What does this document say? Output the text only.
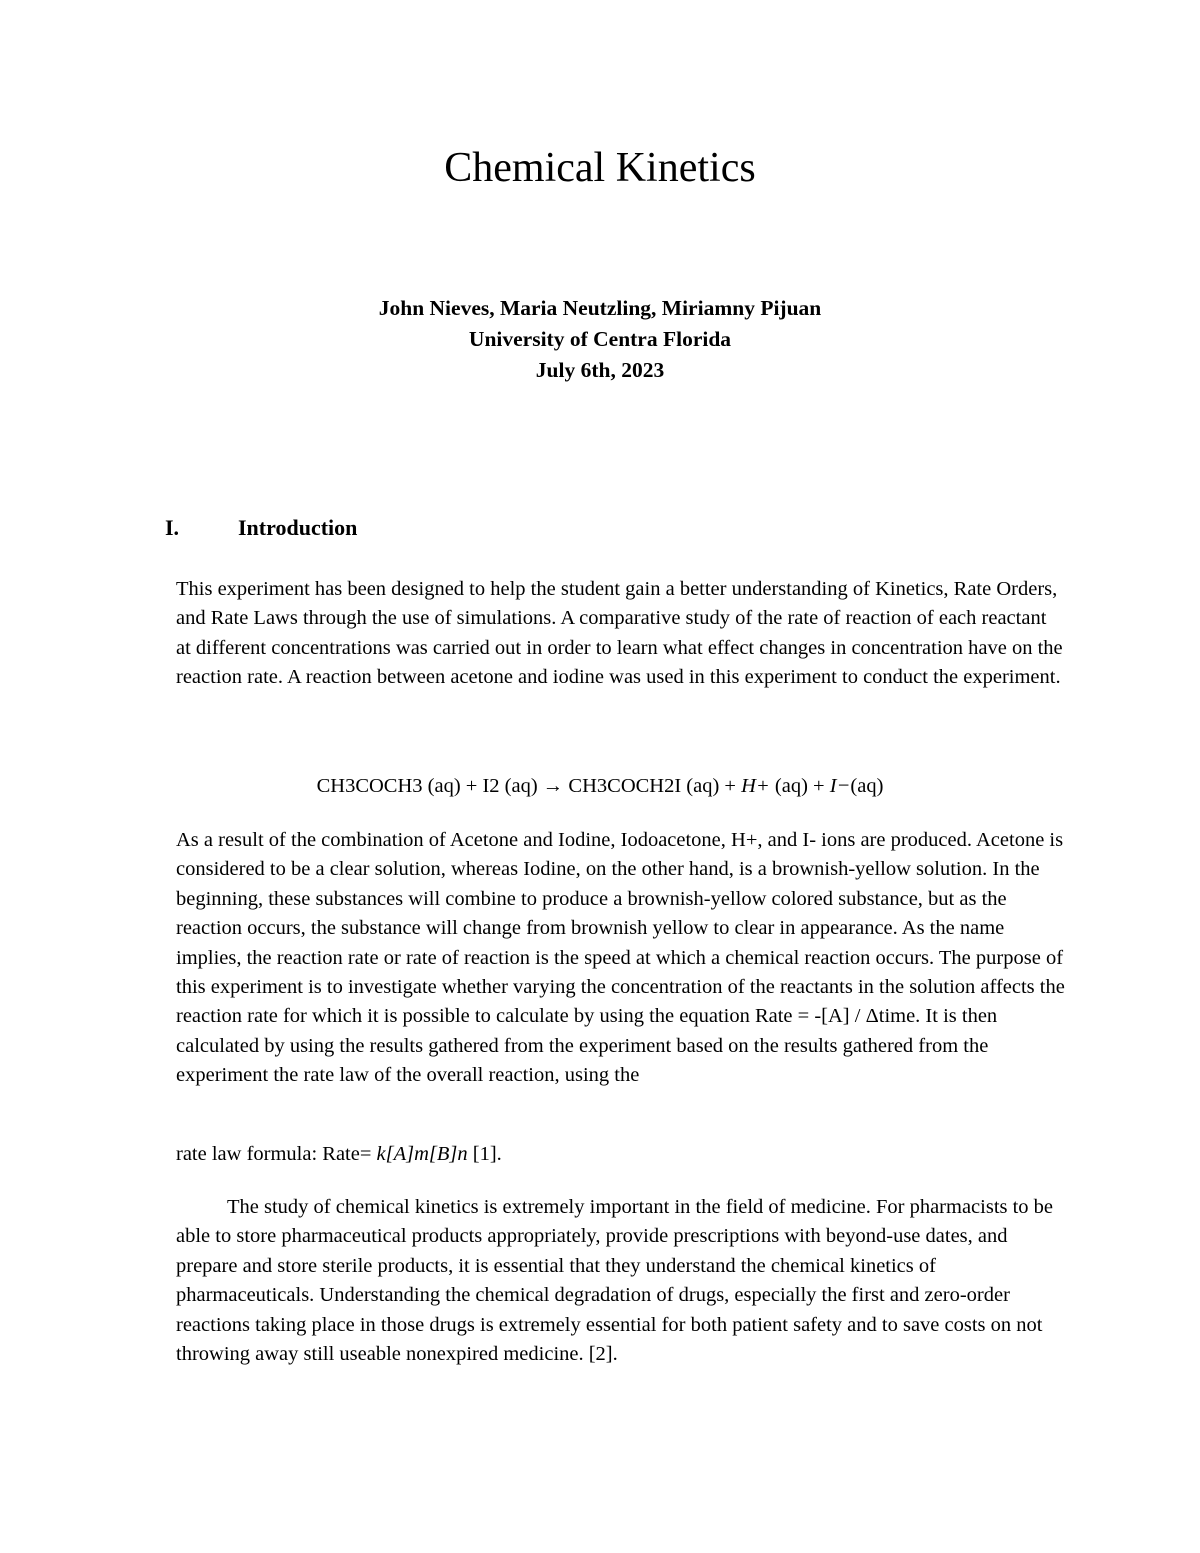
Chemical Kinetics
John Nieves, Maria Neutzling, Miriamny Pijuan
University of Centra Florida
July 6th, 2023
I.	Introduction

This experiment has been designed to help the student gain a better understanding of Kinetics, Rate Orders, and Rate Laws through the use of simulations. A comparative study of the rate of reaction of each reactant at different concentrations was carried out in order to learn what effect changes in concentration have on the reaction rate. A reaction between acetone and iodine was used in this experiment to conduct the experiment.

CH3COCH3 (aq) + I2 (aq) → CH3COCH2I (aq) + H+ (aq) + I−(aq)

As a result of the combination of Acetone and Iodine, Iodoacetone, H+, and I- ions are produced. Acetone is considered to be a clear solution, whereas Iodine, on the other hand, is a brownish-yellow solution. In the beginning, these substances will combine to produce a brownish-yellow colored substance, but as the reaction occurs, the substance will change from brownish yellow to clear in appearance. As the name implies, the reaction rate or rate of reaction is the speed at which a chemical reaction occurs. The purpose of this experiment is to investigate whether varying the concentration of the reactants in the solution affects the reaction rate for which it is possible to calculate by using the equation Rate = -[A] / Δtime. It is then calculated by using the results gathered from the experiment based on the results gathered from the experiment the rate law of the overall reaction, using the

rate law formula: Rate= k[A]m[B]n [1].

The study of chemical kinetics is extremely important in the field of medicine. For pharmacists to be able to store pharmaceutical products appropriately, provide prescriptions with beyond-use dates, and prepare and store sterile products, it is essential that they understand the chemical kinetics of pharmaceuticals. Understanding the chemical degradation of drugs, especially the first and zero-order reactions taking place in those drugs is extremely essential for both patient safety and to save costs on not throwing away still useable nonexpired medicine. [2].
